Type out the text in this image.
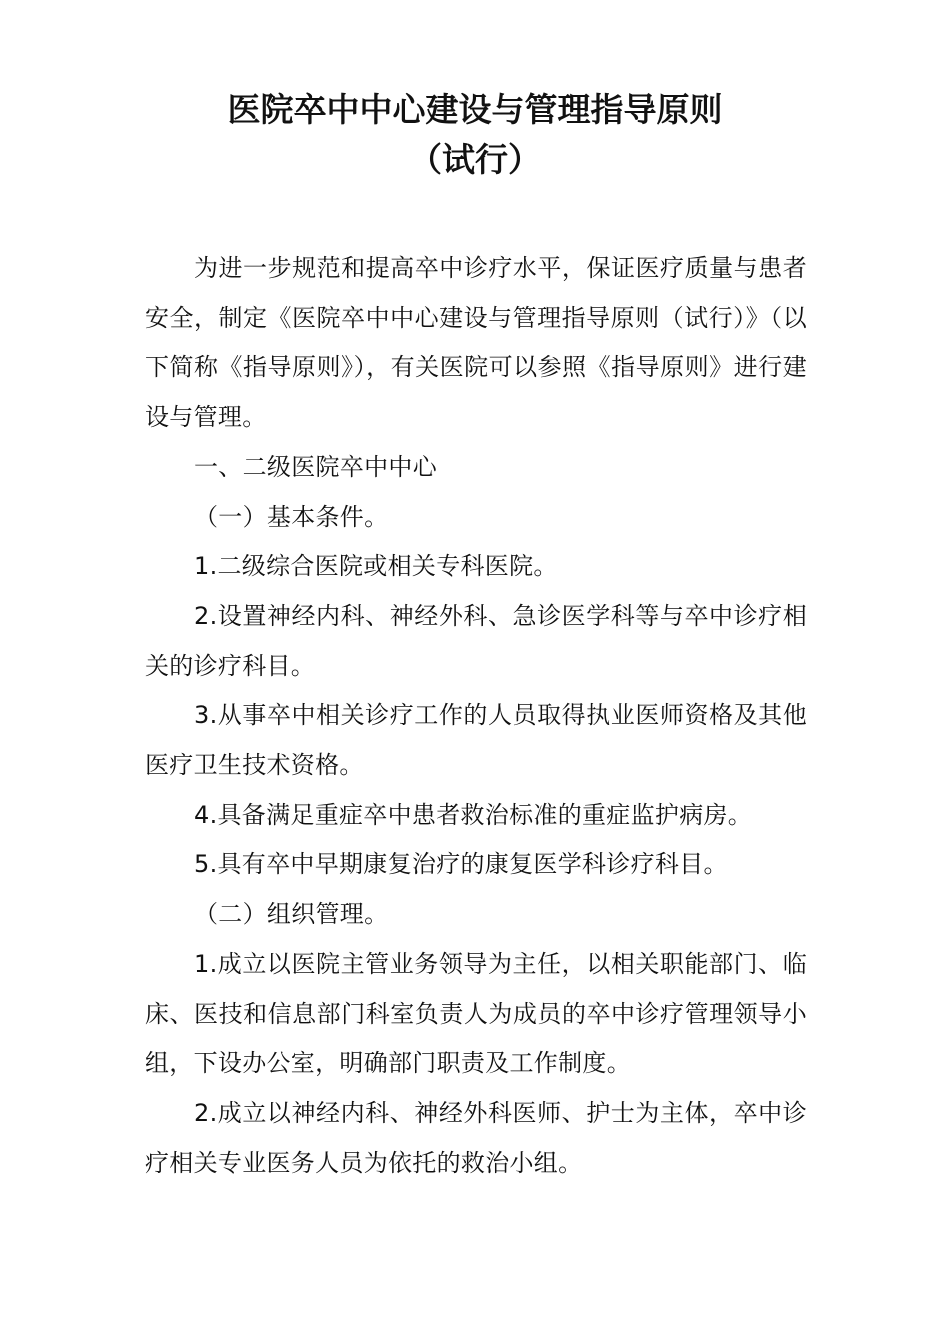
医院卒中中心建设与管理指导原则
（试行）

为进一步规范和提高卒中诊疗水平，保证医疗质量与患者安全，制定《医院卒中中心建设与管理指导原则（试行）》（以下简称《指导原则》），有关医院可以参照《指导原则》进行建设与管理。

一、二级医院卒中中心

（一）基本条件。

1.二级综合医院或相关专科医院。

2.设置神经内科、神经外科、急诊医学科等与卒中诊疗相关的诊疗科目。

3.从事卒中相关诊疗工作的人员取得执业医师资格及其他医疗卫生技术资格。

4.具备满足重症卒中患者救治标准的重症监护病房。

5.具有卒中早期康复治疗的康复医学科诊疗科目。

（二）组织管理。

1.成立以医院主管业务领导为主任，以相关职能部门、临床、医技和信息部门科室负责人为成员的卒中诊疗管理领导小组，下设办公室，明确部门职责及工作制度。

2.成立以神经内科、神经外科医师、护士为主体，卒中诊疗相关专业医务人员为依托的救治小组。
